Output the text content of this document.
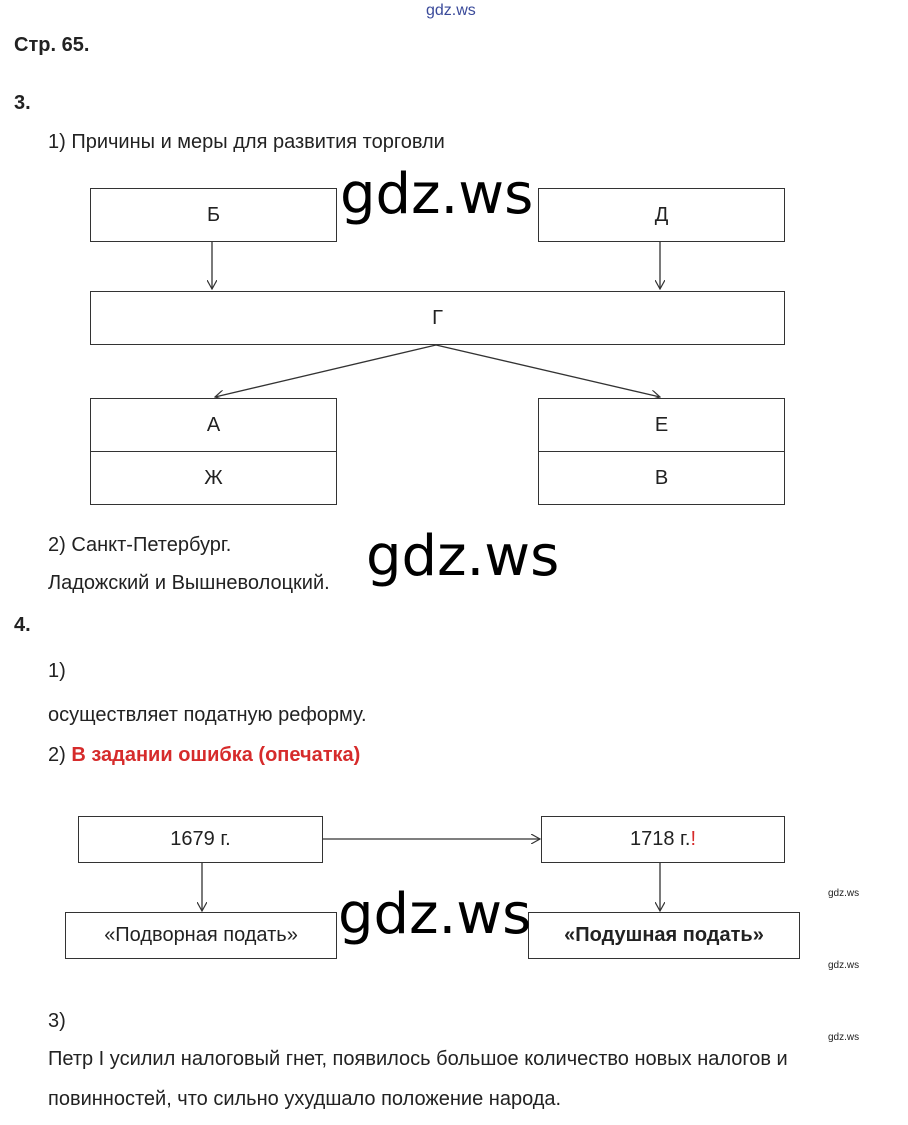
gdz.ws
Стр. 65.
3.
1) Причины и меры для развития торговли
Б	Д
Г
А
Ж
Е
В
2) Санкт-Петербург.
Ладожский и Вышневолоцкий.
4.
1)
осуществляет податную реформу.
2) В задании ошибка (опечатка)
1679 г.	1718 г. !
«Подворная подать»	«Подушная подать»
3)
Петр I усилил налоговый гнет, появилось большое количество новых налогов и
повинностей, что сильно ухудшало положение народа.
gdz.ws
gdz.ws
gdz.ws	gdz.ws
gdz.ws
gdz.ws
